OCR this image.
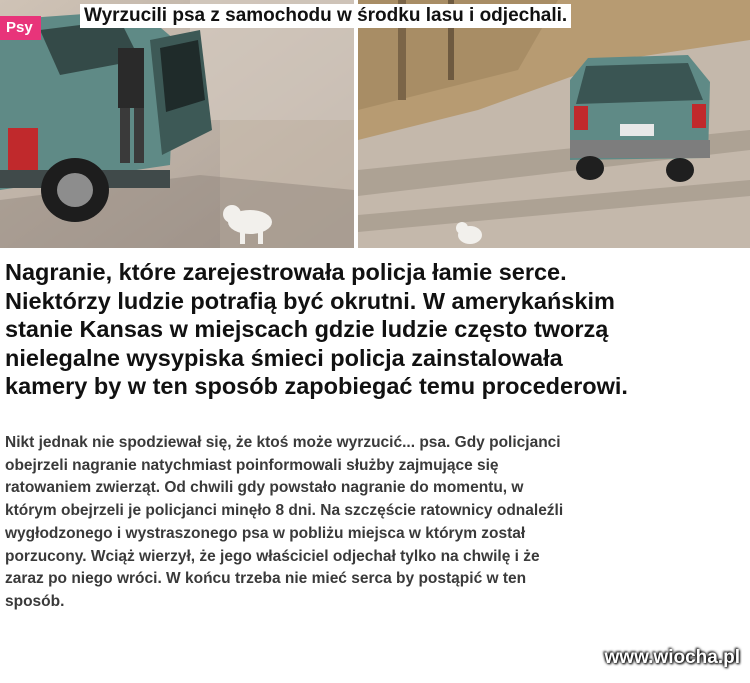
Wyrzucili psa z samochodu w środku lasu i odjechali.
Psy

Nagranie, które zarejestrowała policja łamie serce.
Niektórzy ludzie potrafią być okrutni. W amerykańskim
stanie Kansas w miejscach gdzie ludzie często tworzą
nielegalne wysypiska śmieci policja zainstalowała
kamery by w ten sposób zapobiegać temu procederowi.

Nikt jednak nie spodziewał się, że ktoś może wyrzucić... psa. Gdy policjanci
obejrzeli nagranie natychmiast poinformowali służby zajmujące się
ratowaniem zwierząt. Od chwili gdy powstało nagranie do momentu, w
którym obejrzeli je policjanci minęło 8 dni. Na szczęście ratownicy odnaleźli
wygłodzonego i wystraszonego psa w pobliżu miejsca w którym został
porzucony. Wciąż wierzył, że jego właściciel odjechał tylko na chwilę i że
zaraz po niego wróci. W końcu trzeba nie mieć serca by postąpić w ten
sposób.

www.wiocha.pl
